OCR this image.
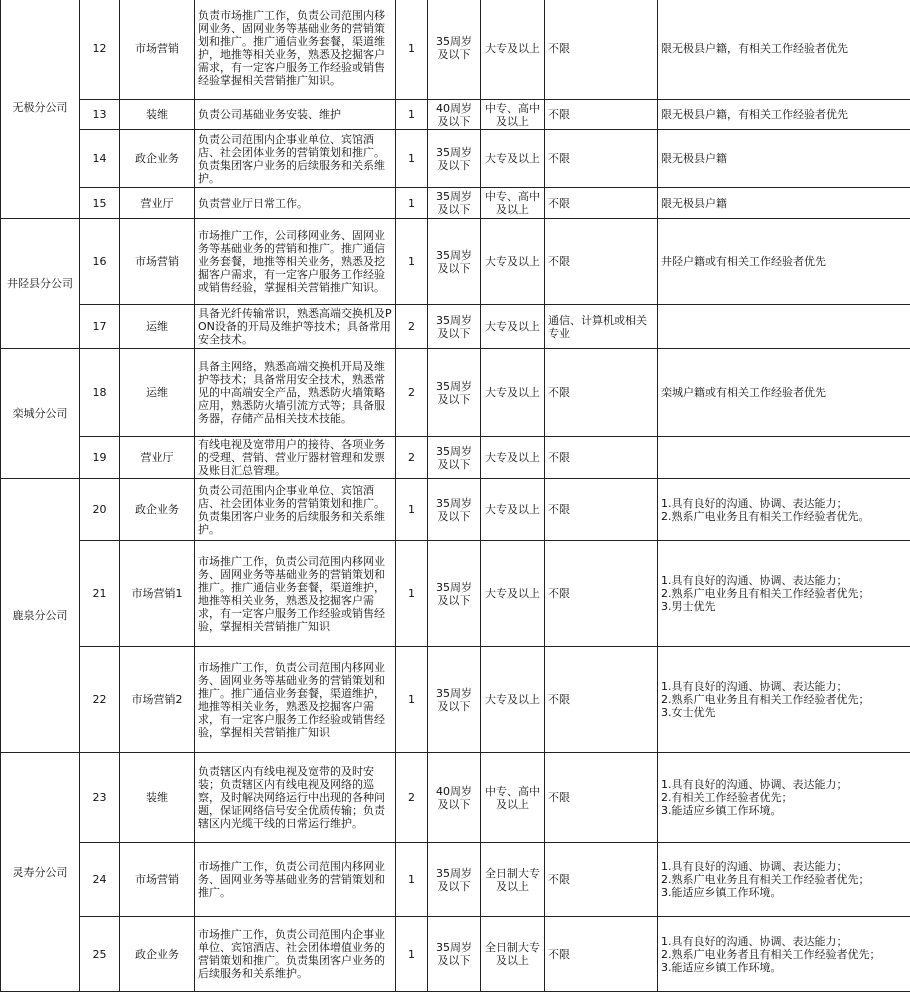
无极分公司	12	市场营销	负责市场推广工作，负责公司范围内移网业务、固网业务等基础业务的营销策划和推广。推广通信业务套餐，渠道维护，地推等相关业务，熟悉及挖掘客户需求，有一定客户服务工作经验或销售经验掌握相关营销推广知识。	1	35周岁及以下	大专及以上	不限		限无极县户籍，有相关工作经验者优先

	13	装维	负责公司基础业务安装、维护	1	40周岁及以下	中专、高中及以上	不限		限无极县户籍，有相关工作经验者优先

	14	政企业务	负责公司范围内企事业单位、宾馆酒店、社会团体业务的营销策划和推广。负责集团客户业务的后续服务和关系维护。	1	35周岁及以下	大专及以上	不限		限无极县户籍

	15	营业厅	负责营业厅日常工作。	1	35周岁及以下	中专、高中及以上	不限		限无极县户籍

井陉县分公司	16	市场营销	市场推广工作，公司移网业务、固网业务等基础业务的营销和推广。推广通信业务套餐，地推等相关业务，熟悉及挖掘客户需求，有一定客户服务工作经验或销售经验，掌握相关营销推广知识。	1	35周岁及以下	大专及以上	不限		井陉户籍或有相关工作经验者优先

	17	运维	具备光纤传输常识，熟悉高端交换机及PON设备的开局及维护等技术；具备常用安全技术。	2	35周岁及以下	大专及以上	通信、计算机或相关专业	

栾城分公司	18	运维	具备主网络，熟悉高端交换机开局及维护等技术；具备常用安全技术，熟悉常见的中高端安全产品，熟悉防火墙策略应用，熟悉防火墙引流方式等；具备服务器，存储产品相关技术技能。	2	35周岁及以下	大专及以上	不限		栾城户籍或有相关工作经验者优先

	19	营业厅	有线电视及宽带用户的接待、各项业务的受理、营销、营业厅器材管理和发票及账目汇总管理。	2	35周岁及以下	大专及以上	不限	

鹿泉分公司	20	政企业务	负责公司范围内企事业单位、宾馆酒店、社会团体业务的营销策划和推广。负责集团客户业务的后续服务和关系维护。	1	35周岁及以下	大专及以上	不限		1.具有良好的沟通、协调、表达能力；
2.熟系广电业务且有相关工作经验者优先。

	21	市场营销1	市场推广工作，负责公司范围内移网业务、固网业务等基础业务的营销策划和推广。推广通信业务套餐，渠道维护，地推等相关业务，熟悉及挖掘客户需求，有一定客户服务工作经验或销售经验，掌握相关营销推广知识	1	35周岁及以下	大专及以上	不限		1.具有良好的沟通、协调、表达能力；
2.熟系广电业务且有相关工作经验者优先；
3.男士优先

	22	市场营销2	市场推广工作，负责公司范围内移网业务、固网业务等基础业务的营销策划和推广。推广通信业务套餐，渠道维护，地推等相关业务，熟悉及挖掘客户需求，有一定客户服务工作经验或销售经验，掌握相关营销推广知识	1	35周岁及以下	大专及以上	不限		1.具有良好的沟通、协调、表达能力；
2.熟系广电业务且有相关工作经验者优先；
3.女士优先

灵寿分公司	23	装维	负责辖区内有线电视及宽带的及时安装；负责辖区内有线电视及网络的巡察，及时解决网络运行中出现的各种问题，保证网络信号安全优质传输；负责辖区内光缆干线的日常运行维护。	2	40周岁及以下	中专、高中及以上	不限		1.具有良好的沟通、协调、表达能力；
2.有相关工作经验者优先；
3.能适应乡镇工作环境。

	24	市场营销	市场推广工作，负责公司范围内移网业务、固网业务等基础业务的营销策划和推广。	1	35周岁及以下	全日制大专及以上	不限		1.具有良好的沟通、协调、表达能力；
2.熟系广电业务且有相关工作经验者优先；
3.能适应乡镇工作环境。

	25	政企业务	市场推广工作，负责公司范围内企事业单位、宾馆酒店、社会团体增值业务的营销策划和推广。负责集团客户业务的后续服务和关系维护。	1	35周岁及以下	全日制大专及以上	不限		1.具有良好的沟通、协调、表达能力；
2.熟系广电业务者且有相关工作经验者优先；
3.能适应乡镇工作环境。
